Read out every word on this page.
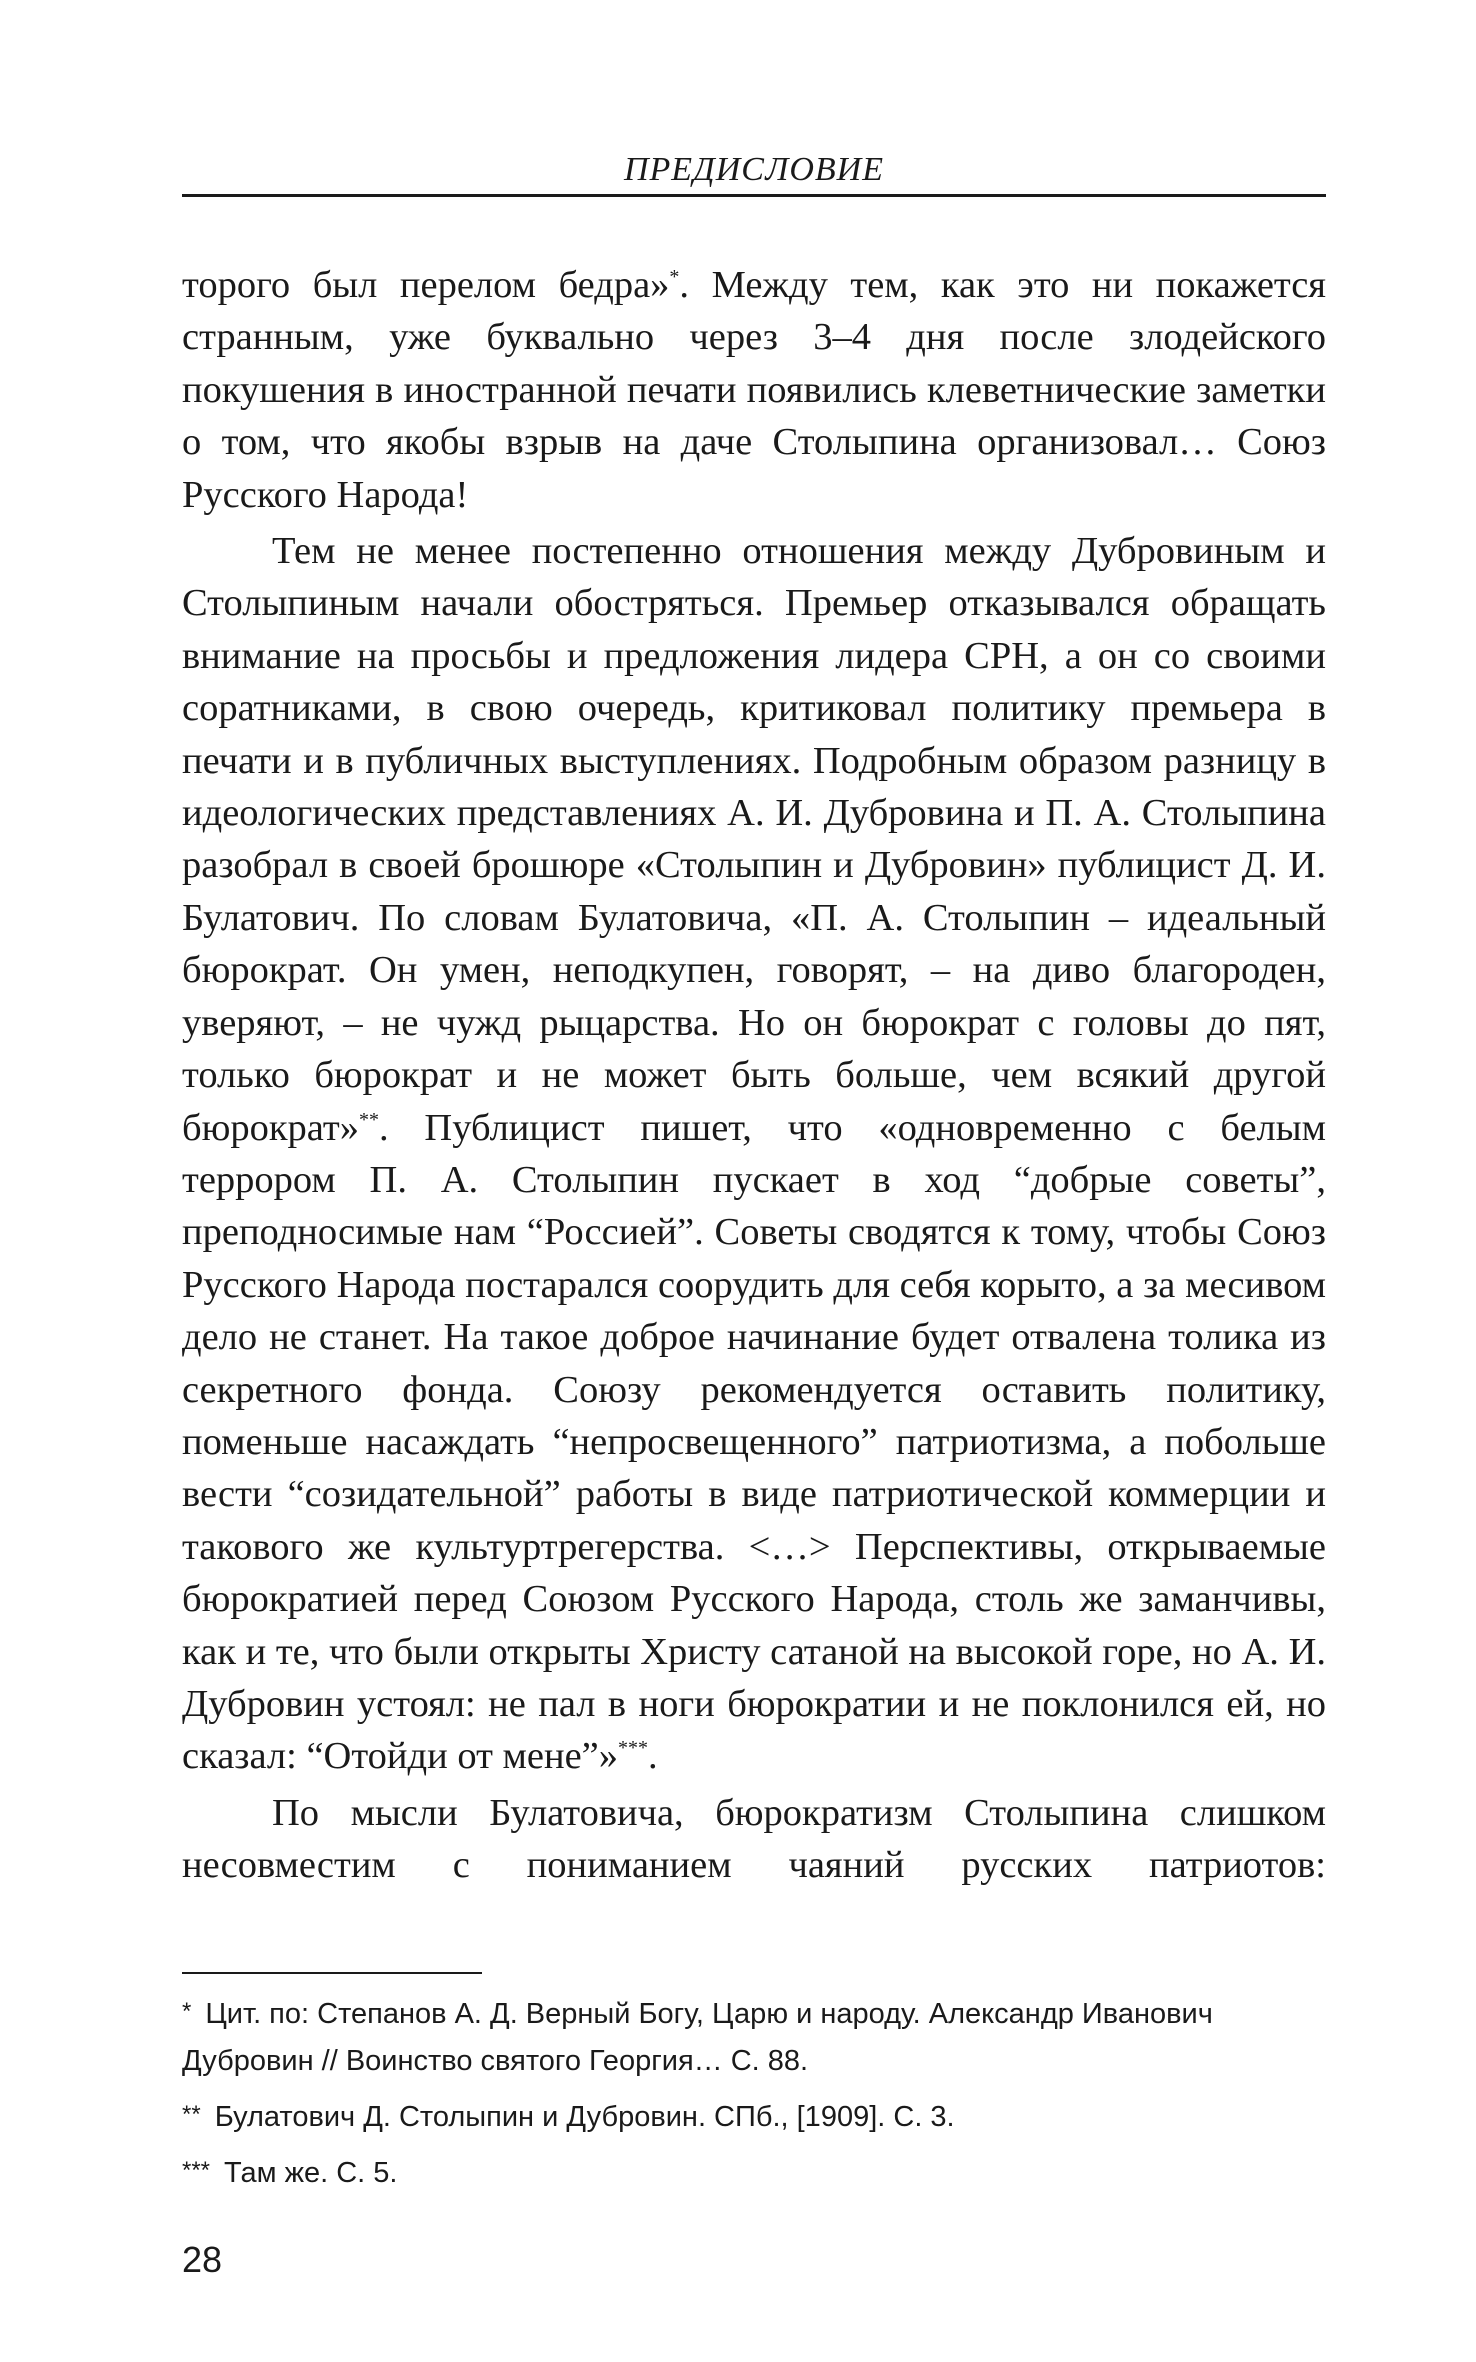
ПРЕДИСЛОВИЕ

торого был перелом бедра»*. Между тем, как это ни покажется странным, уже буквально через 3–4 дня после злодейского покушения в иностранной печати появились клеветнические заметки о том, что якобы взрыв на даче Столыпина организовал… Союз Русского Народа!

Тем не менее постепенно отношения между Дубровиным и Столыпиным начали обостряться. Премьер отказывался обращать внимание на просьбы и предложения лидера СРН, а он со своими соратниками, в свою очередь, критиковал политику премьера в печати и в публичных выступлениях. Подробным образом разницу в идеологических представлениях А. И. Дубровина и П. А. Столыпина разобрал в своей брошюре «Столыпин и Дубровин» публицист Д. И. Булатович. По словам Булатовича, «П. А. Столыпин – идеальный бюрократ. Он умен, неподкупен, говорят, – на диво благороден, уверяют, – не чужд рыцарства. Но он бюрократ с головы до пят, только бюрократ и не может быть больше, чем всякий другой бюрократ»**. Публицист пишет, что «одновременно с белым террором П. А. Столыпин пускает в ход “добрые советы”, преподносимые нам “Россией”. Советы сводятся к тому, чтобы Союз Русского Народа постарался соорудить для себя корыто, а за месивом дело не станет. На такое доброе начинание будет отвалена толика из секретного фонда. Союзу рекомендуется оставить политику, поменьше насаждать “непросвещенного” патриотизма, а побольше вести “созидательной” работы в виде патриотической коммерции и такового же культуртрегерства. <…> Перспективы, открываемые бюрократией перед Союзом Русского Народа, столь же заманчивы, как и те, что были открыты Христу сатаной на высокой горе, но А. И. Дубровин устоял: не пал в ноги бюрократии и не поклонился ей, но сказал: “Отойди от мене”»***.

По мысли Булатовича, бюрократизм Столыпина слишком несовместим с пониманием чаяний русских патриотов:

* Цит. по: Степанов А. Д. Верный Богу, Царю и народу. Александр Иванович Дубровин // Воинство святого Георгия… С. 88.
** Булатович Д. Столыпин и Дубровин. СПб., [1909]. С. 3.
*** Там же. С. 5.
28
